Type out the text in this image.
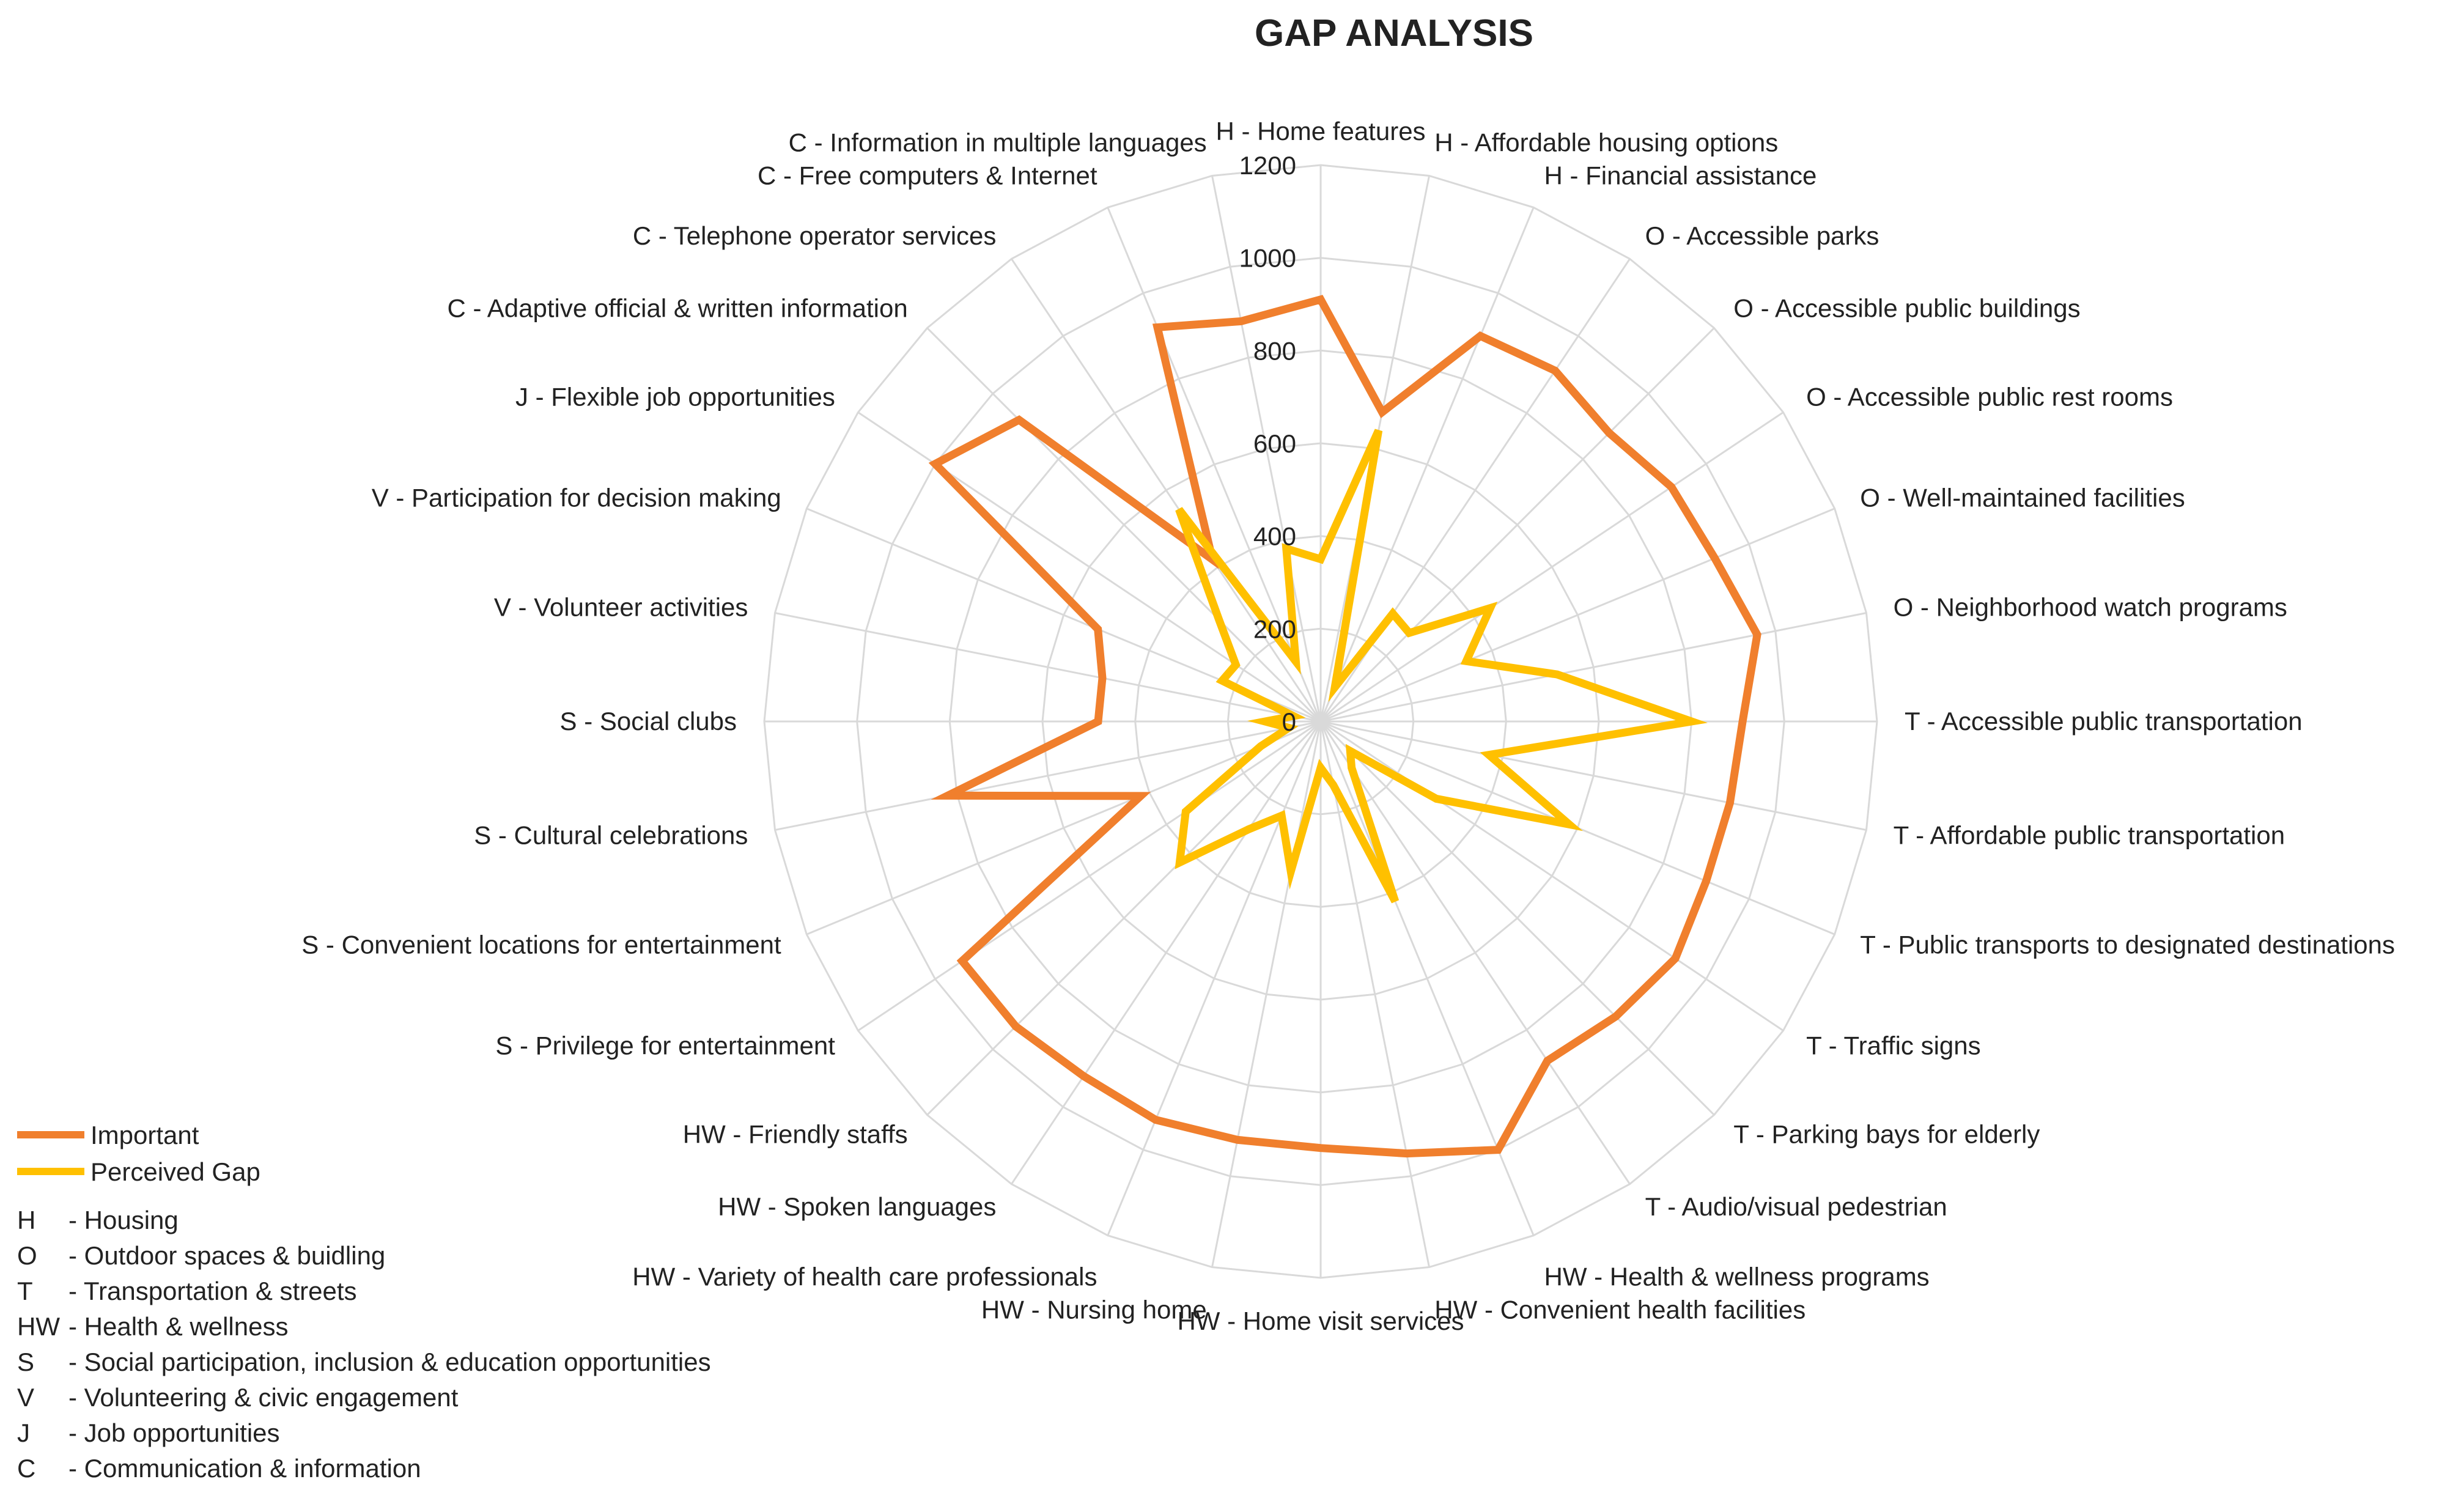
GAP ANALYSIS
0
200
400
600
800
1000
1200
H - Home features H - Affordable housing options
H - Financial assistance
O - Accessible parks
O - Accessible public buildings
O - Accessible public rest rooms
O - Well-maintained facilities
O - Neighborhood watch programs
T - Accessible public transportation
T - Affordable public transportation
T - Public transports to designated destinations
T - Traffic signs
T - Parking bays for elderly
T - Audio/visual pedestrian
HW - Health & wellness programs
HW - Convenient health facilities
HW - Home visit services
HW - Nursing home
HW - Variety of health care professionals
HW - Spoken languages
HW - Friendly staffs
S - Privilege for entertainment
S - Convenient locations for entertainment
S - Cultural celebrations
S - Social clubs
V - Volunteer activities
V - Participation for decision making
J - Flexible job opportunities
C - Adaptive official & written information
C - Telephone operator services
C - Free computers & Internet
C - Information in multiple languages
Important
Perceived Gap
H - Housing
O - Outdoor spaces & buidling
T - Transportation & streets
HW - Health & wellness
S - Social participation, inclusion & education opportunities
V - Volunteering & civic engagement
J - Job opportunities
C - Communication & information
